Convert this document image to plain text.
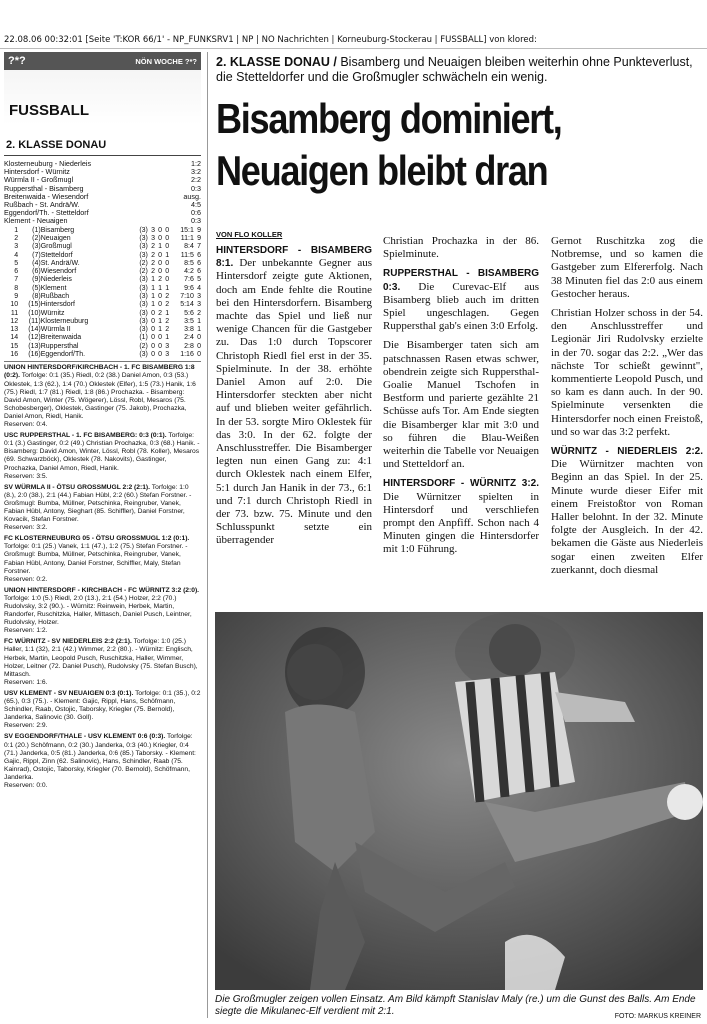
22.08.06 00:32:01 [Seite 'T:KOR 66/1' - NP_FUNKSRV1 | NP | NÖ Nachrichten | Korneuburg-Stockerau | FUSSBALL] von klored:
?*?	NÖN WOCHE ?*?
FUSSBALL
2. KLASSE DONAU
Klosterneuburg - Niederleis	1:2
Hintersdorf - Würnitz	3:2
Würmla II - Großmugl	2:2
Ruppersthal - Bisamberg	0:3
Breitenwaida - Wiesendorf	ausg.
Rußbach - St. Andrä/W.	4:5
Eggendorf/Th. - Stetteldorf	0:6
Klement - Neuaigen	0:3
1	(1)	Bisamberg	(3)	3	0	0	15:1	9
2	(2)	Neuaigen	(3)	3	0	0	11:1	9
3	(3)	Großmugl	(3)	2	1	0	8:4	7
4	(7)	Stetteldorf	(3)	2	0	1	11:5	6
5	(4)	St. Andrä/W.	(2)	2	0	0	8:5	6
6	(6)	Wiesendorf	(2)	2	0	0	4:2	6
7	(9)	Niederleis	(3)	1	2	0	7:6	5
8	(5)	Klement	(3)	1	1	1	9:6	4
9	(8)	Rußbach	(3)	1	0	2	7:10	3
10	(15)	Hintersdorf	(3)	1	0	2	5:14	3
11	(10)	Würnitz	(3)	0	2	1	5:6	2
12	(11)	Klosterneuburg	(3)	0	1	2	3:5	1
13	(14)	Würmla II	(3)	0	1	2	3:8	1
14	(12)	Breitenwaida	(1)	0	0	1	2:4	0
15	(13)	Ruppersthal	(2)	0	0	3	2:8	0
16	(16)	Eggendorf/Th.	(3)	0	0	3	1:16	0

UNION HINTERSDORF/KIRCHBACH - 1. FC BISAMBERG 1:8 (0:2). Torfolge: 0:1 (35.) Riedl, 0:2 (38.) Daniel Amon, 0:3 (53.) Oklestek, 1:3 (62.), 1:4 (70.) Oklestek (Elfer), 1:5 (73.) Hanik, 1:6 (75.) Riedl, 1:7 (81.) Riedl, 1:8 (86.) Prochazka. - Bisamberg: David Amon, Winter (75. Wögerer), Lössl, Robl, Mesaros (75. Schobesberger), Oklestek, Gastinger (75. Jakob), Prochazka, Daniel Amon, Riedl, Hanik.
Reserven: 0:4.

USC RUPPERSTHAL - 1. FC BISAMBERG: 0:3 (0:1). Torfolge: 0:1 (3.) Gastinger, 0:2 (49.) Christian Prochazka, 0:3 (68.) Hanik. - Bisamberg: David Amon, Winter, Lössl, Robl (78. Koller), Mesaros (69. Schwarzböck), Oklestek (78. Nakovits), Gastinger, Prochazka, Daniel Amon, Riedl, Hanik.
Reserven: 3:5.

SV WÜRMLA II - ÖTSU GROSSMUGL 2:2 (2:1). Torfolge: 1:0 (8.), 2:0 (38.), 2:1 (44.) Fabian Hübl, 2:2 (60.) Stefan Forstner. - Großmugl: Bumba, Müllner, Petschinka, Reingruber, Vanek, Fabian Hübl, Antony, Sieghart (85. Schiffler), Daniel Forstner, Kovacik, Stefan Forstner.
Reserven: 3:2.

FC KLOSTERNEUBURG 05 - ÖTSU GROSSMUGL 1:2 (0:1). Torfolge: 0:1 (25.) Vanek, 1:1 (47.), 1:2 (75.) Stefan Forstner. - Großmugl: Bumba, Müllner, Petschinka, Reingruber, Vanek, Fabian Hübl, Antony, Daniel Forstner, Schiffler, Maly, Stefan Forstner.
Reserven: 0:2.

UNION HINTERSDORF - KIRCHBACH - FC WÜRNITZ 3:2 (2:0). Torfolge: 1:0 (5.) Riedl, 2:0 (13.), 2:1 (54.) Holzer, 2:2 (70.) Rudolvsky, 3:2 (90.). - Würnitz: Reinwein, Herbek, Martin, Randorfer, Ruschitzka, Haller, Mittasch, Daniel Pusch, Leintner, Rudolvsky, Holzer.
Reserven: 1:2.

FC WÜRNITZ - SV NIEDERLEIS 2:2 (2:1). Torfolge: 1:0 (25.) Haller, 1:1 (32), 2:1 (42.) Wimmer, 2:2 (80.). - Würnitz: Englisch, Herbek, Martin, Leopold Pusch, Ruschitzka, Haller, Wimmer, Holzer, Leitner (72. Daniel Pusch), Rudolvsky (75. Stefan Busch), Mittasch.
Reserven: 1:6.

USV KLEMENT - SV NEUAIGEN 0:3 (0:1). Torfolge: 0:1 (35.), 0:2 (65.), 0:3 (75.). - Klement: Gajic, Rippl, Hans, Schöfmann, Schindler, Raab, Ostojic, Taborsky, Kriegler (75. Bernold), Janderka, Salinovic (30. Goll).
Reserven: 2:9.

SV EGGENDORF/THALE - USV KLEMENT 0:6 (0:3). Torfolge: 0:1 (20.) Schöfmann, 0:2 (30.) Janderka, 0:3 (40.) Kriegler, 0:4 (71.) Janderka, 0:5 (81.) Janderka, 0:6 (85.) Taborsky. - Klement: Gajic, Rippl, Zinn (62. Salinovic), Hans, Schindler, Raab (75. Kainrad), Ostojic, Taborsky, Kriegler (70. Bernold), Schöfmann, Janderka.
Reserven: 0:0.

2. KLASSE DONAU / Bisamberg und Neuaigen bleiben weiterhin ohne Punkteverlust, die Stetteldorfer und die Großmugler schwächeln ein wenig.
Bisamberg dominiert,
Neuaigen bleibt dran
VON FLO KOLLER

HINTERSDORF - BISAMBERG 8:1. Der unbekannte Gegner aus Hintersdorf zeigte gute Aktionen, doch am Ende fehlte die Routine bei den Hintersdorfern. Bisamberg machte das Spiel und ließ nur wenige Chancen für die Gastgeber zu. Das 1:0 durch Topscorer Christoph Riedl fiel erst in der 35. Spielminute. In der 38. erhöhte Daniel Amon auf 2:0. Die Hintersdorfer steckten aber nicht auf und blieben weiter gefährlich. In der 53. sorgte Miro Oklestek für das 3:0. In der 62. folgte der Anschlusstreffer. Die Bisamberger legten nun einen Gang zu: 4:1 durch Oklestek nach einem Elfer, 5:1 durch Jan Hanik in der 73., 6:1 und 7:1 durch Christoph Riedl in der 73. bzw. 75. Minute und den Schlusspunkt setzte ein überragender

Christian Prochazka in der 86. Spielminute.

RUPPERSTHAL - BISAMBERG 0:3. Die Curevac-Elf aus Bisamberg blieb auch im dritten Spiel ungeschlagen. Gegen Ruppersthal gab's einen 3:0 Erfolg.

Die Bisamberger taten sich am patschnassen Rasen etwas schwer, obendrein zeigte sich Ruppersthal-Goalie Manuel Tschofen in Bestform und parierte gezählte 21 Schüsse aufs Tor. Am Ende siegten die Bisamberger klar mit 3:0 und so führen die Blau-Weißen weiterhin die Tabelle vor Neuaigen und Stetteldorf an.

HINTERSDORF - WÜRNITZ 3:2. Die Würnitzer spielten in Hintersdorf und verschliefen prompt den Anpfiff. Schon nach 4 Minuten gingen die Hintersdorfer mit 1:0 Führung.

Gernot Ruschitzka zog die Notbremse, und so kamen die Gastgeber zum Elfererfolg. Nach 38 Minuten fiel das 2:0 aus einem Gestocher heraus.

Christian Holzer schoss in der 54. den Anschlusstreffer und Legionär Jiri Rudolvsky erzielte in der 70. sogar das 2:2. „Wer das nächste Tor schießt gewinnt", kommentierte Leopold Pusch, und so kam es dann auch. In der 90. Spielminute versenkten die Hintersdorfer noch einen Freistoß, und so war das 3:2 perfekt.

WÜRNITZ - NIEDERLEIS 2:2. Die Würnitzer machten von Beginn an das Spiel. In der 25. Minute wurde dieser Eifer mit einem Freistoßtor von Roman Haller belohnt. In der 32. Minute folgte der Ausgleich. In der 42. bekamen die Gäste aus Niederleis sogar einen zweiten Elfer zuerkannt, doch diesmal

Die Großmugler zeigen vollen Einsatz. Am Bild kämpft Stanislav Maly (re.) um die Gunst des Balls. Am Ende siegte die Mikulanec-Elf verdient mit 2:1.	FOTO: MARKUS KREINER
